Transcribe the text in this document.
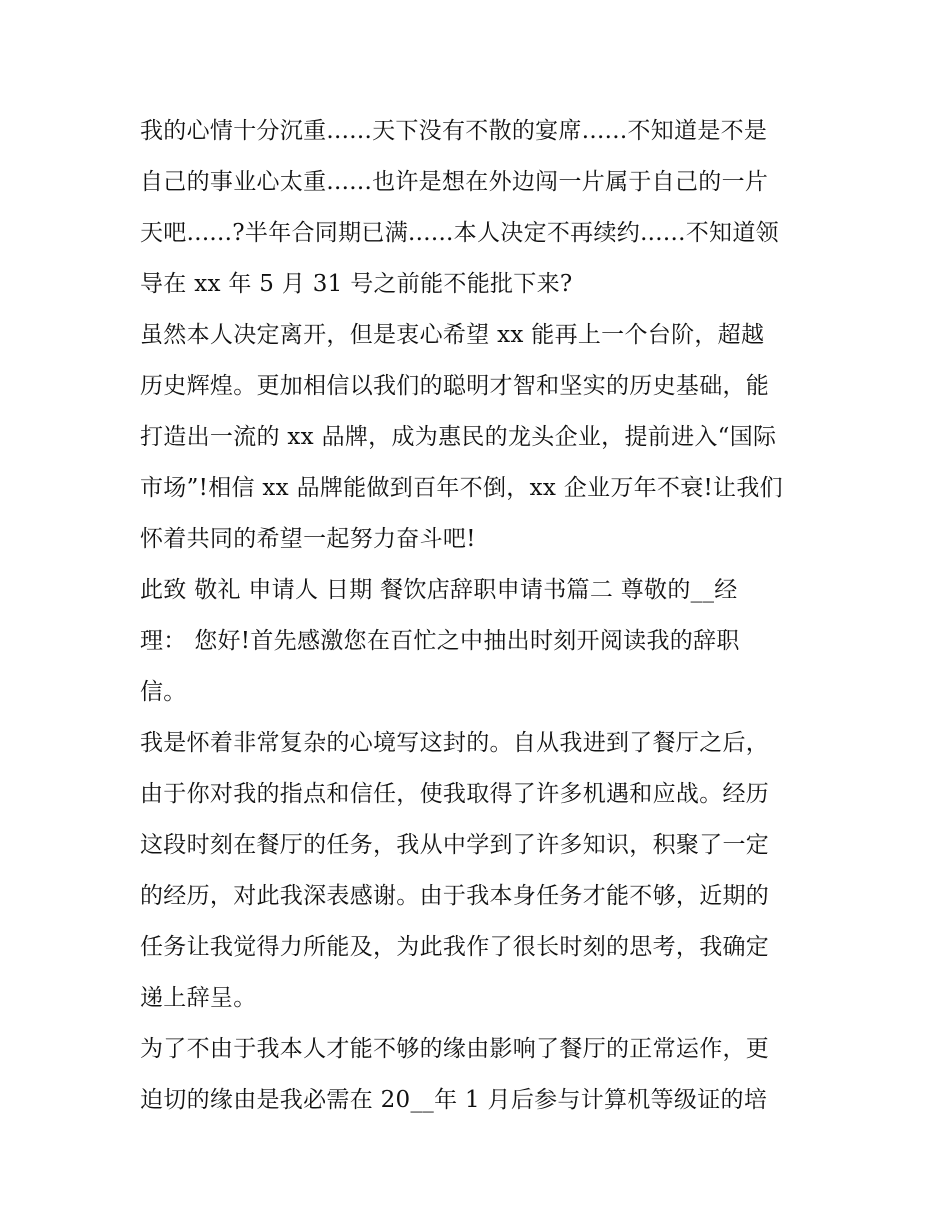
我的心情十分沉重......天下没有不散的宴席......不知道是不是
自己的事业心太重......也许是想在外边闯一片属于自己的一片
天吧......?半年合同期已满......本人决定不再续约......不知道领
导在 xx 年 5 月 31 号之前能不能批下来?
虽然本人决定离开，但是衷心希望 xx 能再上一个台阶，超越
历史辉煌。更加相信以我们的聪明才智和坚实的历史基础，能
打造出一流的 xx 品牌，成为惠民的龙头企业，提前进入“国际
市场”!相信 xx 品牌能做到百年不倒，xx 企业万年不衰!让我们
怀着共同的希望一起努力奋斗吧!
此致 敬礼 申请人 日期 餐饮店辞职申请书篇二 尊敬的__经
理： 您好!首先感激您在百忙之中抽出时刻开阅读我的辞职
信。
我是怀着非常复杂的心境写这封的。自从我进到了餐厅之后，
由于你对我的指点和信任，使我取得了许多机遇和应战。经历
这段时刻在餐厅的任务，我从中学到了许多知识，积聚了一定
的经历，对此我深表感谢。由于我本身任务才能不够，近期的
任务让我觉得力所能及，为此我作了很长时刻的思考，我确定
递上辞呈。
为了不由于我本人才能不够的缘由影响了餐厅的正常运作，更
迫切的缘由是我必需在 20__年 1 月后参与计算机等级证的培
